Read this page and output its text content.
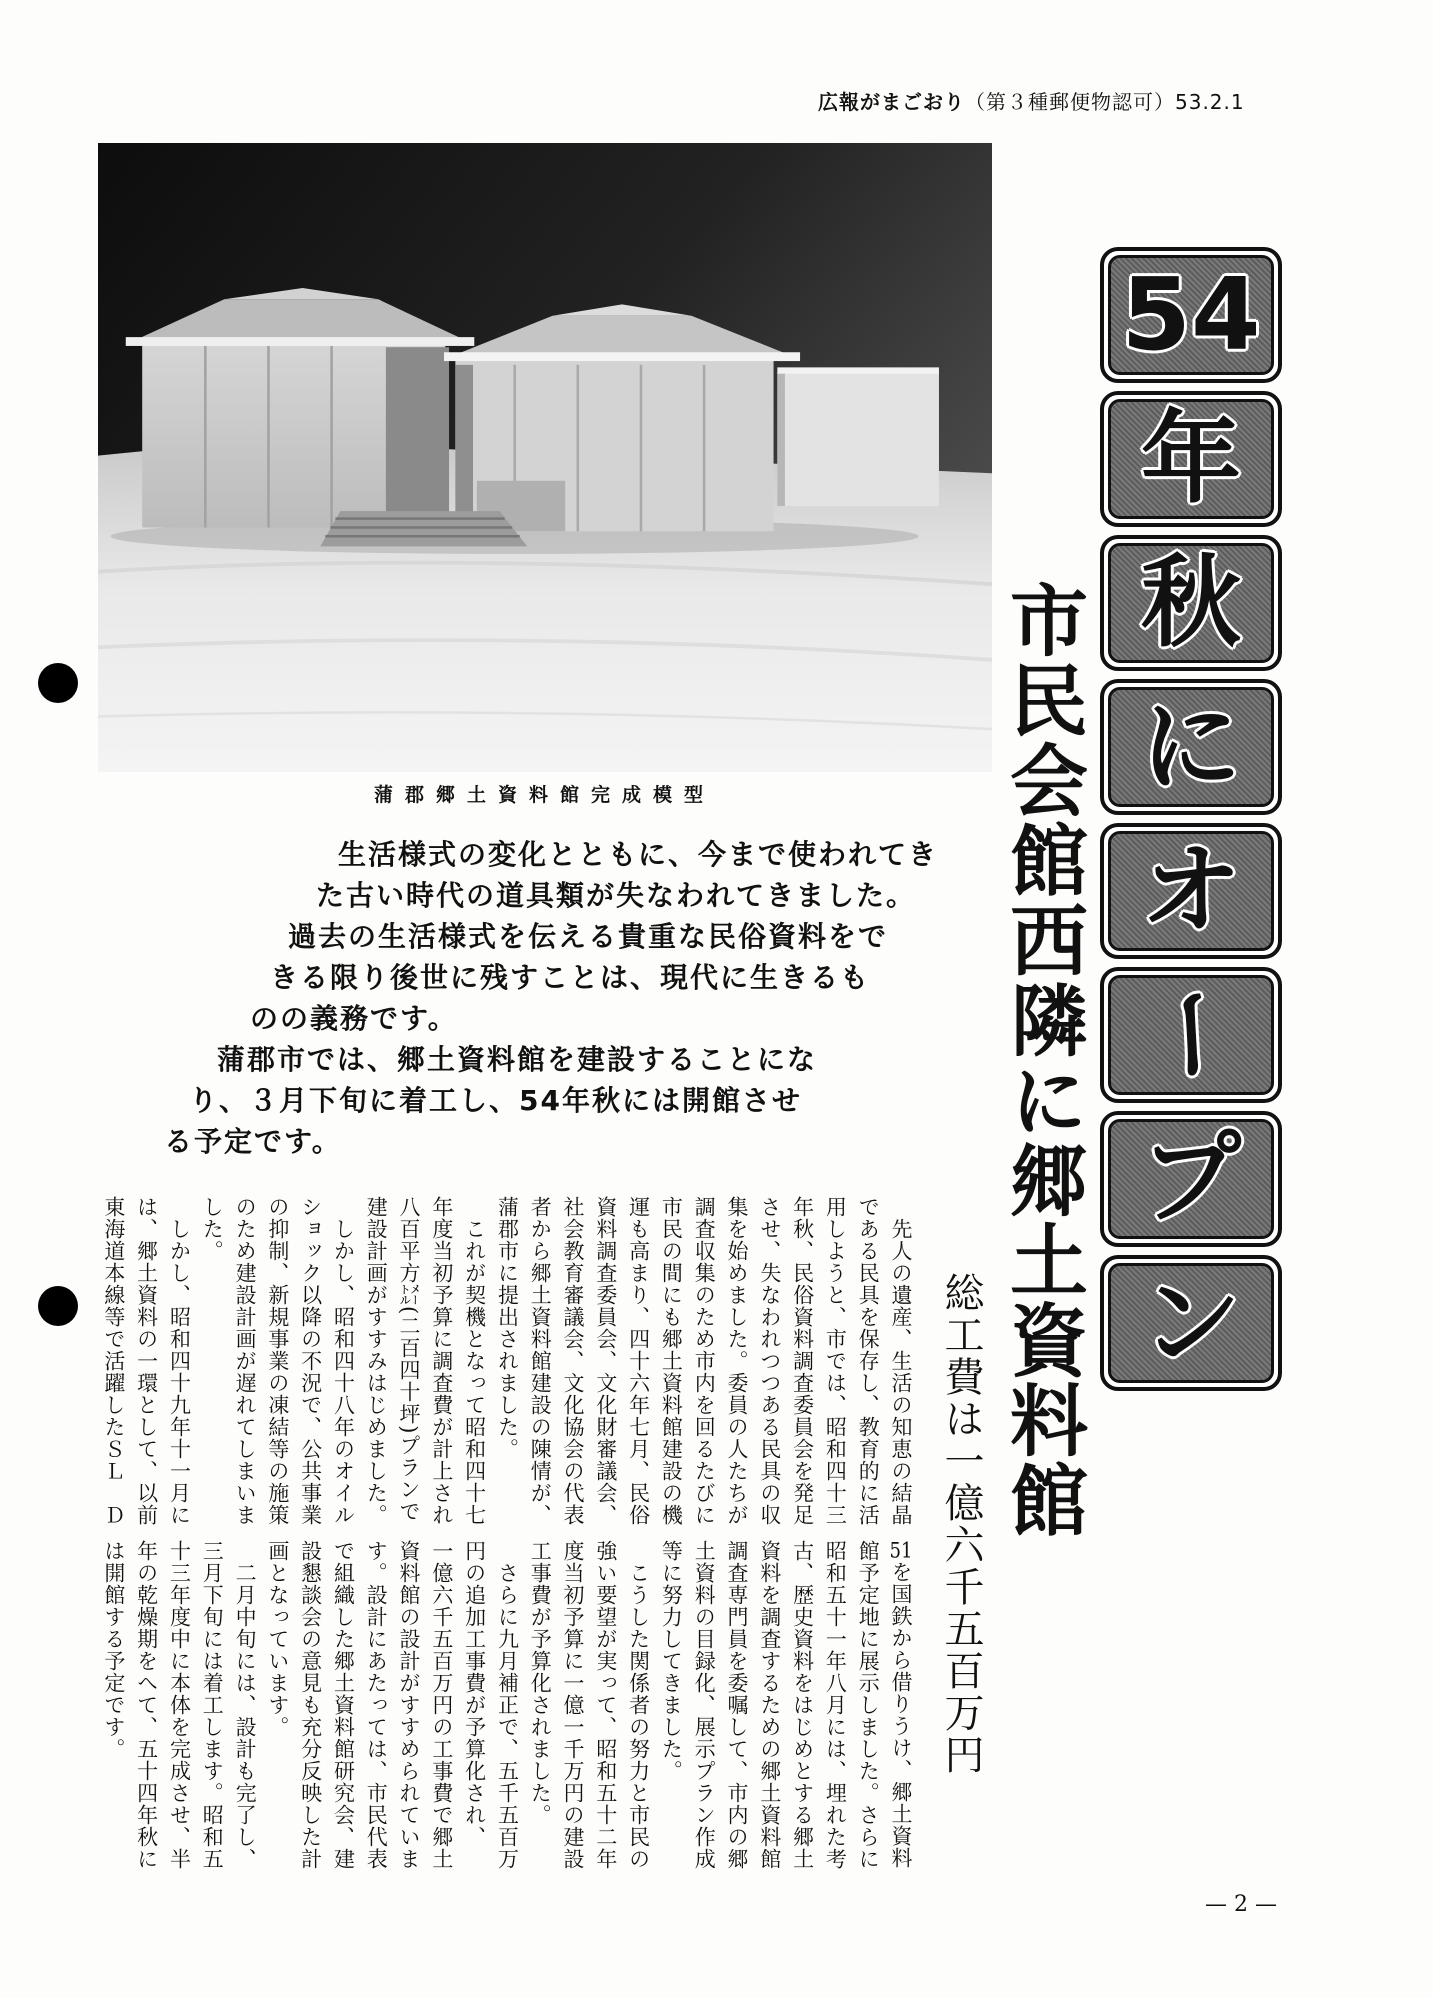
広報がまごおり（第３種郵便物認可）53.2.1
蒲郡郷土資料館完成模型
生活様式の変化とともに、今まで使われてき
た古い時代の道具類が失なわれてきました。
過去の生活様式を伝える貴重な民俗資料をで
きる限り後世に残すことは、現代に生きるも
のの義務です。
蒲郡市では、郷土資料館を建設することにな
り、３月下旬に着工し、54年秋には開館させ
る予定です。
54
年
秋
に
オ
ー
プ
ン
市民会館西隣に郷土資料館
総工費は一億六千五百万円
　先人の遺産、生活の知恵の結晶
である民具を保存し、教育的に活
用しようと、市では、昭和四十三
年秋、民俗資料調査委員会を発足
させ、失なわれつつある民具の収
集を始めました。委員の人たちが
調査収集のため市内を回るたびに
市民の間にも郷土資料館建設の機
運も高まり、四十六年七月、民俗
資料調査委員会、文化財審議会、
社会教育審議会、文化協会の代表
者から郷土資料館建設の陳情が、
蒲郡市に提出されました。
　これが契機となって昭和四十七
年度当初予算に調査費が計上され
八百平方㍍(二百四十坪)プランで
建設計画がすすみはじめました。
　しかし、昭和四十八年のオイル
ショック以降の不況で、公共事業
の抑制、新規事業の凍結等の施策
のため建設計画が遅れてしまいま
した。
　しかし、昭和四十九年十一月に
は、郷土資料の一環として、以前
東海道本線等で活躍したＳＬ　Ｄ
51を国鉄から借りうけ、郷土資料
館予定地に展示しました。さらに
昭和五十一年八月には、埋れた考
古、歴史資料をはじめとする郷土
資料を調査するための郷土資料館
調査専門員を委嘱して、市内の郷
土資料の目録化、展示プラン作成
等に努力してきました。
　こうした関係者の努力と市民の
強い要望が実って、昭和五十二年
度当初予算に一億一千万円の建設
工事費が予算化されました。
　さらに九月補正で、五千五百万
円の追加工事費が予算化され、
一億六千五百万円の工事費で郷土
資料館の設計がすすめられていま
す。設計にあたっては、市民代表
で組織した郷土資料館研究会、建
設懇談会の意見も充分反映した計
画となっています。
　二月中旬には、設計も完了し、
三月下旬には着工します。昭和五
十三年度中に本体を完成させ、半
年の乾燥期をへて、五十四年秋に
は開館する予定です。
— 2 —
